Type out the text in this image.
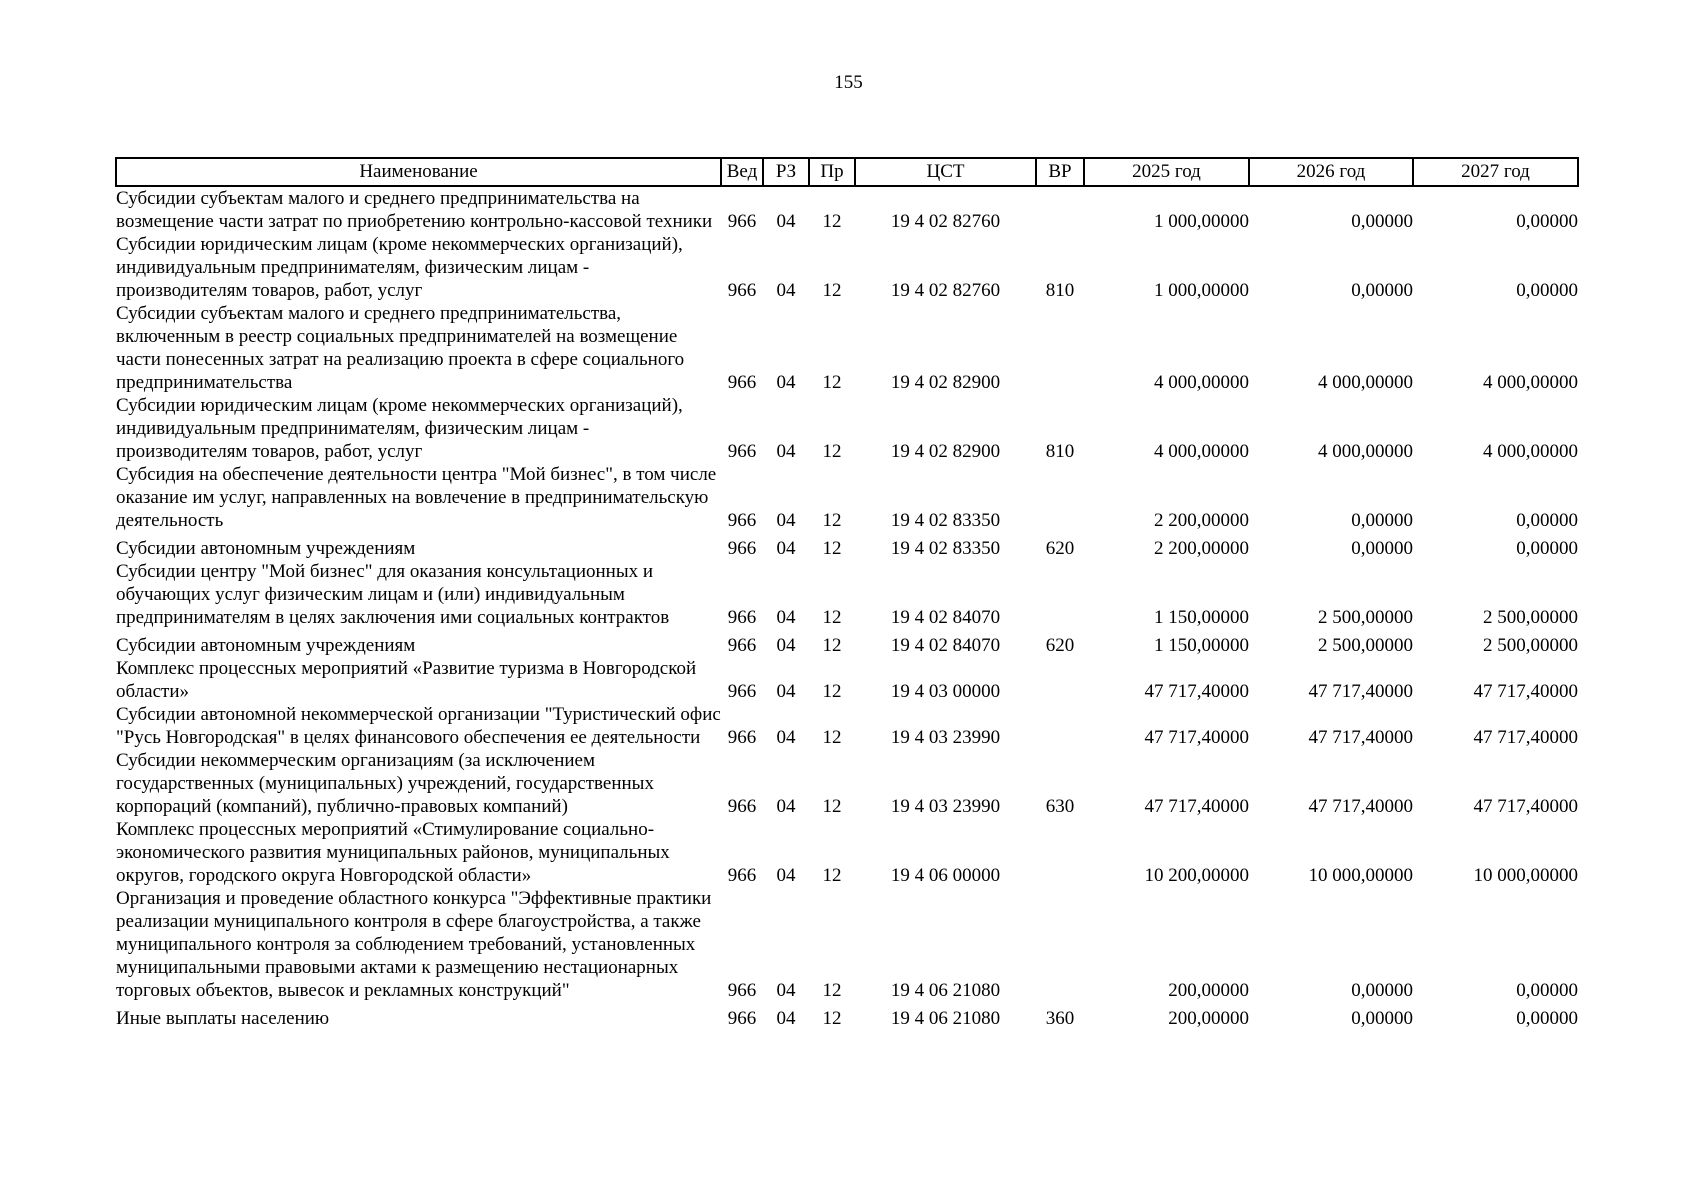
155
Наименование	Вед	РЗ	Пр	ЦСТ	ВР	2025 год	2026 год	2027 год
Субсидии субъектам малого и среднего предпринимательства на возмещение части затрат по приобретению контрольно-кассовой техники	966	04	12	19 4 02 82760		1 000,00000	0,00000	0,00000
Субсидии юридическим лицам (кроме некоммерческих организаций), индивидуальным предпринимателям, физическим лицам - производителям товаров, работ, услуг	966	04	12	19 4 02 82760	810	1 000,00000	0,00000	0,00000
Субсидии субъектам малого и среднего предпринимательства, включенным в реестр социальных предпринимателей на возмещение части понесенных затрат на реализацию проекта в сфере социального предпринимательства	966	04	12	19 4 02 82900		4 000,00000	4 000,00000	4 000,00000
Субсидии юридическим лицам (кроме некоммерческих организаций), индивидуальным предпринимателям, физическим лицам - производителям товаров, работ, услуг	966	04	12	19 4 02 82900	810	4 000,00000	4 000,00000	4 000,00000
Субсидия на обеспечение деятельности центра "Мой бизнес", в том числе оказание им услуг, направленных на вовлечение в предпринимательскую деятельность	966	04	12	19 4 02 83350		2 200,00000	0,00000	0,00000
Субсидии автономным учреждениям	966	04	12	19 4 02 83350	620	2 200,00000	0,00000	0,00000
Субсидии центру "Мой бизнес" для оказания консультационных и обучающих услуг физическим лицам и (или) индивидуальным предпринимателям в целях заключения ими социальных контрактов	966	04	12	19 4 02 84070		1 150,00000	2 500,00000	2 500,00000
Субсидии автономным учреждениям	966	04	12	19 4 02 84070	620	1 150,00000	2 500,00000	2 500,00000
Комплекс процессных мероприятий «Развитие туризма в Новгородской области»	966	04	12	19 4 03 00000		47 717,40000	47 717,40000	47 717,40000
Субсидии автономной некоммерческой организации "Туристический офис "Русь Новгородская" в целях финансового обеспечения ее деятельности	966	04	12	19 4 03 23990		47 717,40000	47 717,40000	47 717,40000
Субсидии некоммерческим организациям (за исключением государственных (муниципальных) учреждений, государственных корпораций (компаний), публично-правовых компаний)	966	04	12	19 4 03 23990	630	47 717,40000	47 717,40000	47 717,40000
Комплекс процессных мероприятий «Стимулирование социально-экономического развития муниципальных районов, муниципальных округов, городского округа Новгородской области»	966	04	12	19 4 06 00000		10 200,00000	10 000,00000	10 000,00000
Организация и проведение областного конкурса "Эффективные практики реализации муниципального контроля в сфере благоустройства, а также муниципального контроля за соблюдением требований, установленных муниципальными правовыми актами к размещению нестационарных торговых объектов, вывесок и рекламных конструкций"	966	04	12	19 4 06 21080		200,00000	0,00000	0,00000
Иные выплаты населению	966	04	12	19 4 06 21080	360	200,00000	0,00000	0,00000
